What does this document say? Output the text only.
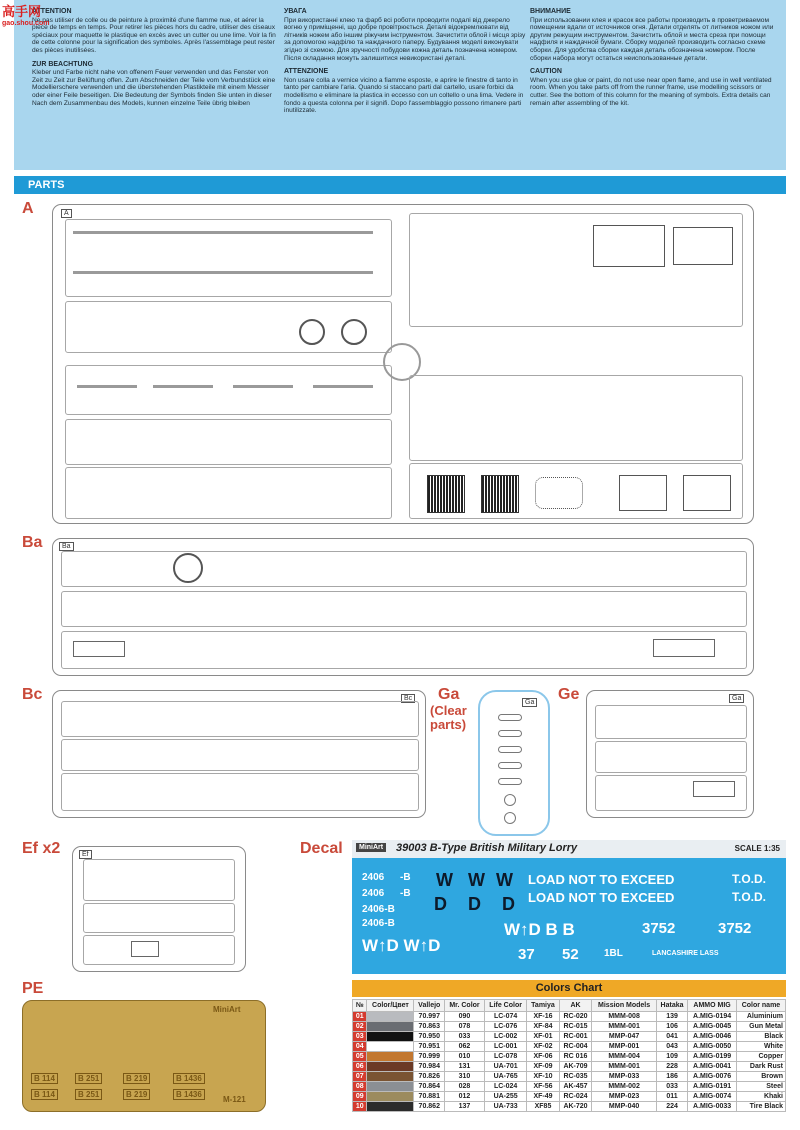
ATTENTION

Ne pas utiliser de colle ou de peinture à proximité d'une flamme nue, et aérer la pièce de temps en temps. Pour retirer les pièces hors du cadre, utiliser des ciseaux spéciaux pour maquette le plastique en excès avec un cutter ou une lime. Voir la fin de cette colonne pour la signification des symboles. Après l'assemblage peut rester des pièces inutilisées.

ZUR BEACHTUNG

Kleber und Farbe nicht nahe von offenem Feuer verwenden und das Fenster von Zeit zu Zeit zur Belüftung offen. Zum Abschneiden der Teile vom Verbundstück eine Modellierschere verwenden und die überstehenden Plastikteile mit einem Messer oder einer Feile beseitigen. Die Bedeutung der Symbols finden Sie unten in dieser Nach dem Zusammenbau des Models, kunnen einzelne Teile übrig bleiben

УВАГА

При використанні клею та фарб всі роботи проводити подалі від джерело вогню у приміщенні, що добре провітрюється. Деталі відокремлювати від літників ножем або іншим ріжучим інструментом. Зачистити облой і місця зрізу за допомогою надфілю та наждачного паперу. Будування моделі виконувати згідно зі схемою. Для зручності побудови кожна деталь позначена номером. Після складання можуть залишитися невикористані деталі.

ATTENZIONE

Non usare colla a vernice vicino a fiamme esposte, e aprire le finestre di tanto in tanto per cambiare l'aria. Quando si staccano parti dal cartello, usare forbici da modellismo e eliminare la plastica in eccesso con un coltello o una lima. Vedere in fondo a questa colonna per il signifi. Dopo l'assemblaggio possono rimanere parti inutilizzate.

ВНИМАНИЕ

При использовании клея и красок все работы производить в проветриваемом помещении вдали от источников огня. Детали отделять от литников ножом или другим режущим инструментом. Зачистить облой и места среза при помощи надфиля и наждачной бумаги. Сборку моделей производить согласно схеме сборки. Для удобства сборки каждая деталь обозначена номером. После сборки набора могут остаться неиспользованные детали.

CAUTION

When you use glue or paint, do not use near open flame, and use in well ventilated room. When you take parts off from the runner frame, use modelling scissors or cutter. See the bottom of this column for the meaning of symbols. Extra details can remain after assembling of the kit.

高手网
gao.shou.com
PARTS
A	A
Ba	Ba
Bc	Bc Ga
(Clear parts)
Ga Ge	Ga
Ef x2	Ef	Decal	MiniArt 39003 B-Type British Military Lorry	SCALE 1:35
2406 -B
2406 -B
2406-B
2406-B
W W W
D D D
LOAD NOT TO EXCEED
LOAD NOT TO EXCEED
T.O.D.
T.O.D.
W↑D W↑D
W↑D B B	3752	3752
37 52	1BL	LANCASHIRE LASS
PE
MiniArt
M-121
B 114	B 251	B 219	B 1436
B 114	B 251	B 219	B 1436
Colors Chart
№	Color/Цвет	Vallejo	Mr. Color	Life Color	Tamiya	AK	Mission Models	Hataka	AMMO MIG	Color name
01		70.997	090	LC-074	XF-16	RC-020	MMM-008	139	A.MIG-0194	Aluminium
02		70.863	078	LC-076	XF-84	RC-015	MMM-001	106	A.MIG-0045	Gun Metal
03		70.950	033	LC-002	XF-01	RC-001	MMP-047	041	A.MIG-0046	Black
04		70.951	062	LC-001	XF-02	RC-004	MMP-001	043	A.MIG-0050	White
05		70.999	010	LC-078	XF-06	RC 016	MMM-004	109	A.MIG-0199	Copper
06		70.984	131	UA-701	XF-09	AK-709	MMM-001	228	A.MIG-0041	Dark Rust
07		70.826	310	UA-765	XF-10	RC-035	MMP-033	186	A.MIG-0076	Brown
08		70.864	028	LC-024	XF-56	AK-457	MMM-002	033	A.MIG-0191	Steel
09		70.881	012	UA-255	XF-49	RC-024	MMP-023	011	A.MIG-0074	Khaki
10		70.862	137	UA-733	XF85	AK-720	MMP-040	224	A.MIG-0033	Tire Black
